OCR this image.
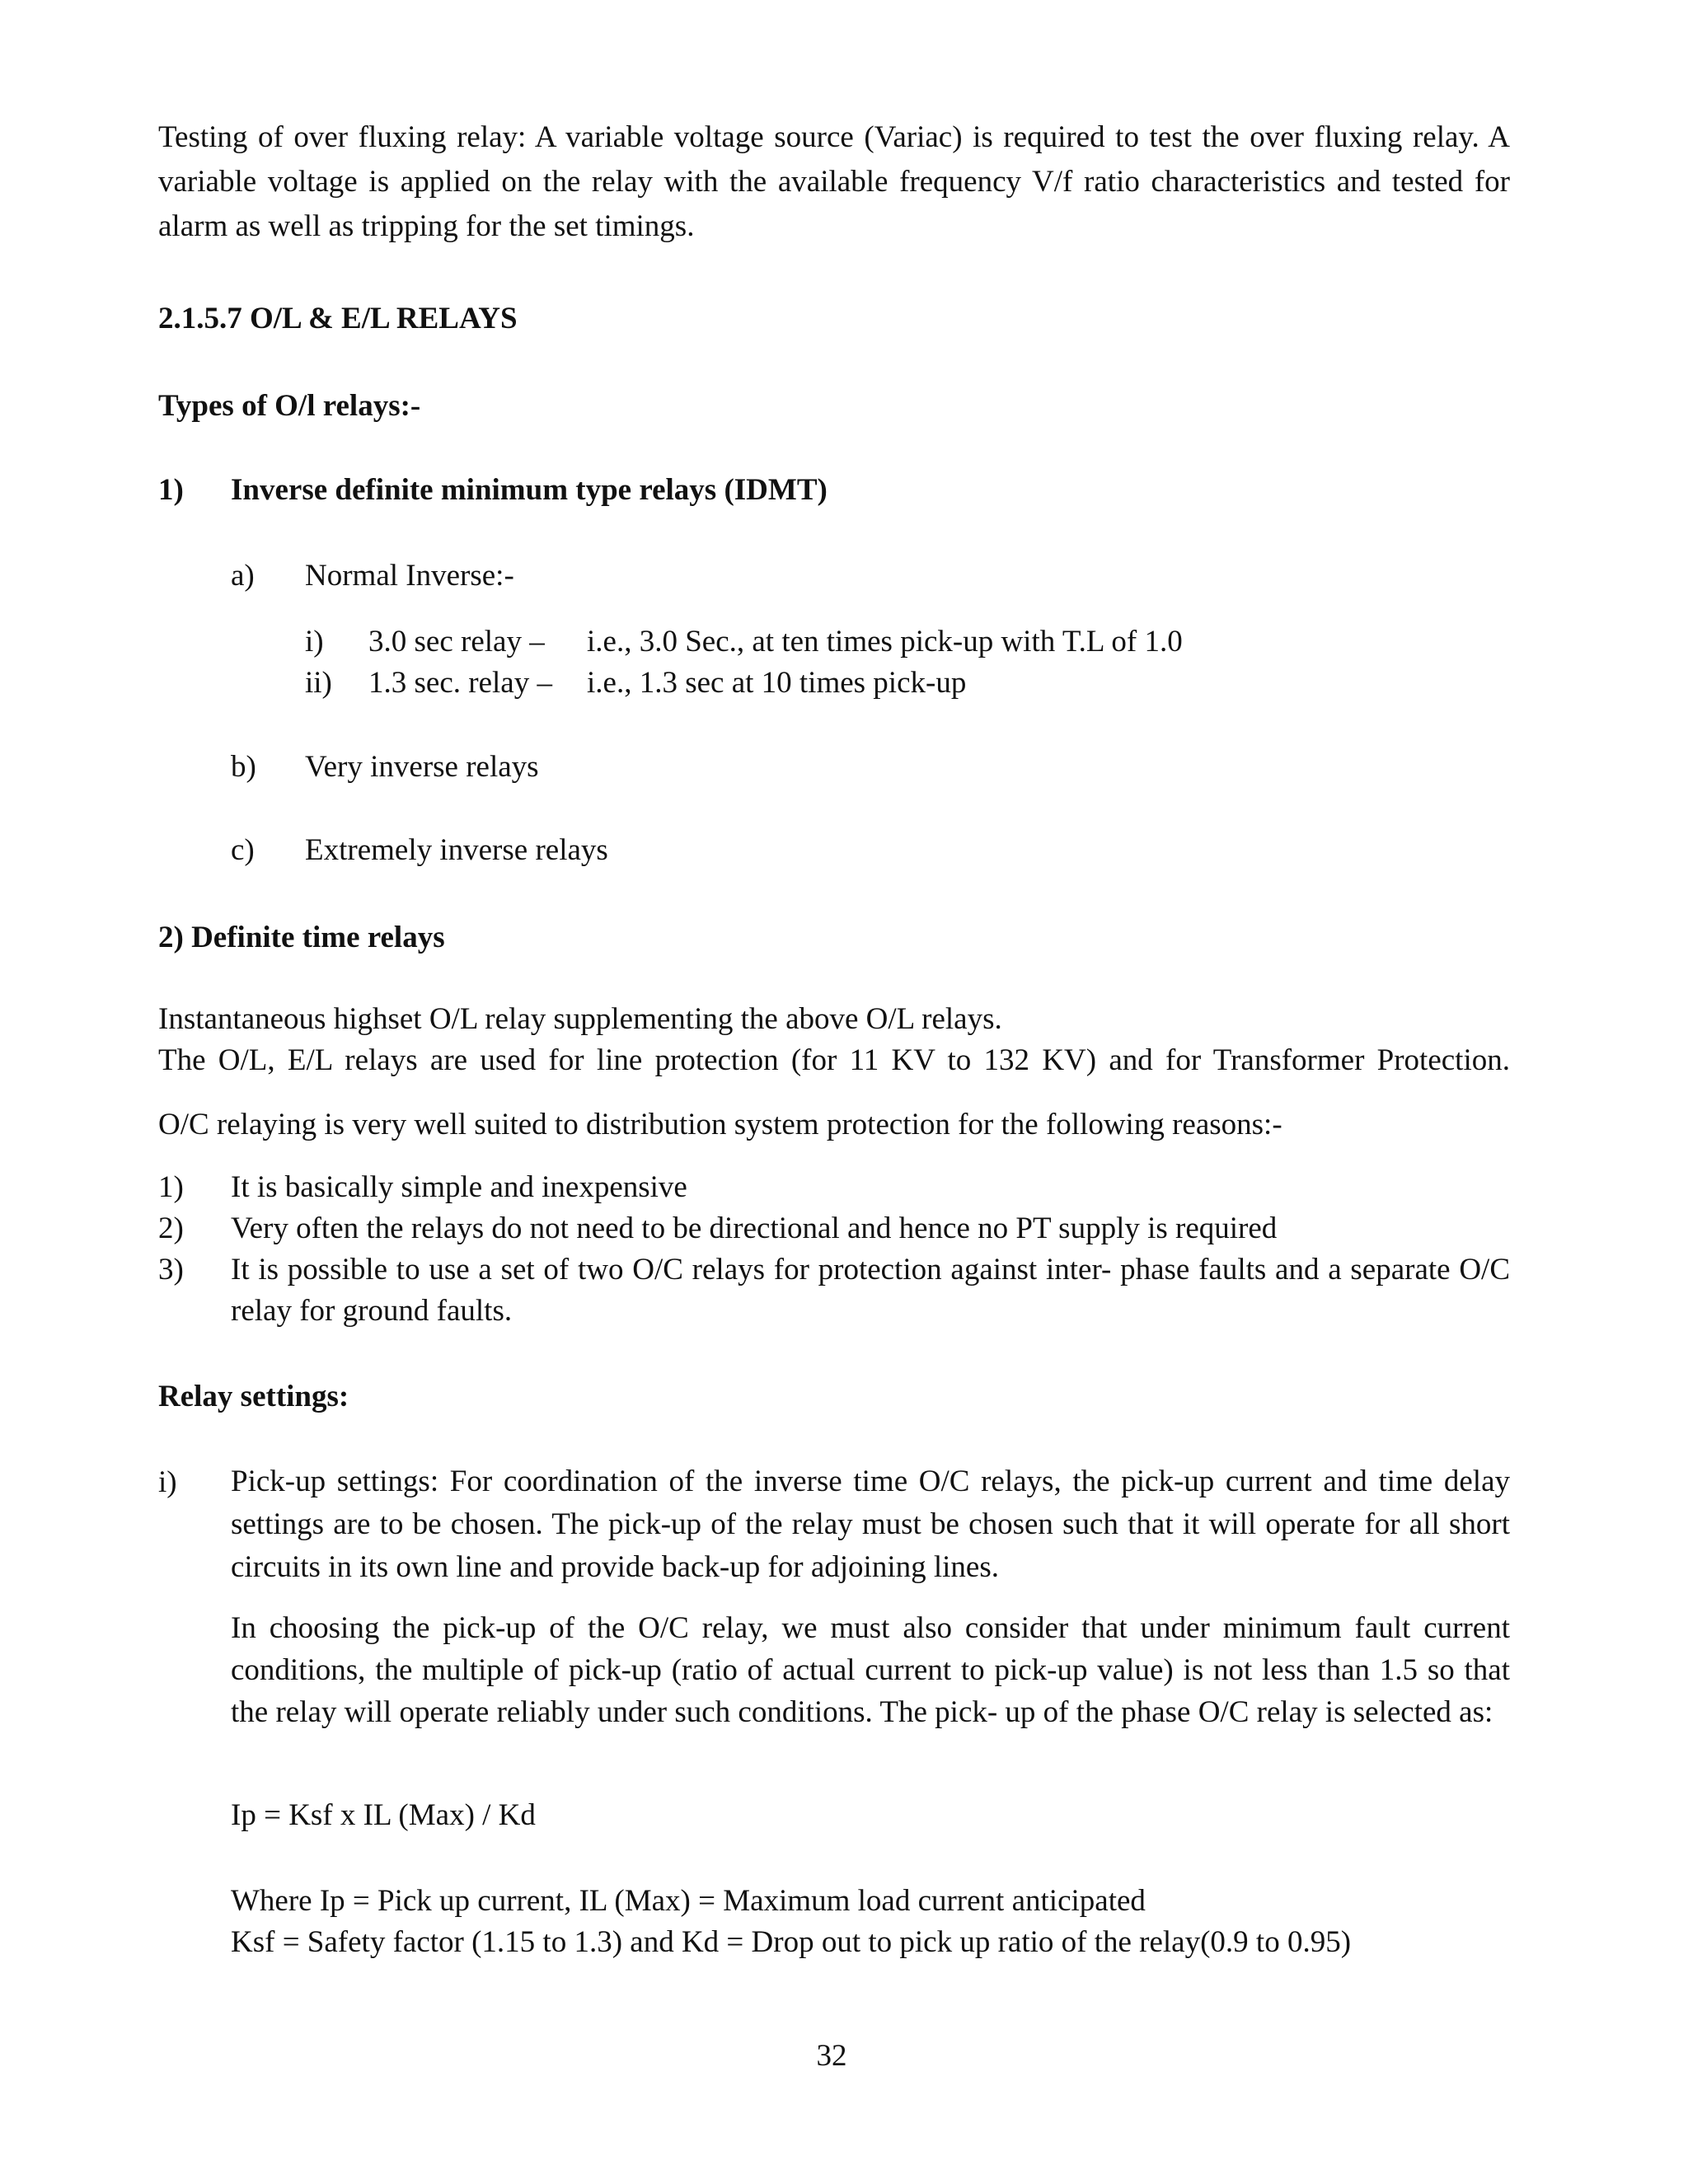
Testing of over fluxing relay: A variable voltage source (Variac) is required to test the over fluxing relay. A variable voltage is applied on the relay with the available frequency V/f ratio characteristics and tested for alarm as well as tripping for the set timings.

2.1.5.7 O/L & E/L RELAYS
Types of O/l relays:-
1) Inverse definite minimum type relays (IDMT)
a) Normal Inverse:-
i) 3.0 sec relay – i.e., 3.0 Sec., at ten times pick-up with T.L of 1.0
ii) 1.3 sec. relay – i.e., 1.3 sec at 10 times pick-up
b) Very inverse relays
c) Extremely inverse relays
2) Definite time relays
Instantaneous highset O/L relay supplementing the above O/L relays.
The O/L, E/L relays are used for line protection (for 11 KV to 132 KV) and for Transformer Protection.
O/C relaying is very well suited to distribution system protection for the following reasons:-
1) It is basically simple and inexpensive
2) Very often the relays do not need to be directional and hence no PT supply is required
3) It is possible to use a set of two O/C relays for protection against inter- phase faults and a separate O/C relay for ground faults.

Relay settings:
i) Pick-up settings: For coordination of the inverse time O/C relays, the pick-up current and time delay settings are to be chosen. The pick-up of the relay must be chosen such that it will operate for all short circuits in its own line and provide back-up for adjoining lines.

In choosing the pick-up of the O/C relay, we must also consider that under minimum fault current conditions, the multiple of pick-up (ratio of actual current to pick-up value) is not less than 1.5 so that the relay will operate reliably under such conditions. The pick- up of the phase O/C relay is selected as:

Ip = Ksf x IL (Max) / Kd
Where Ip = Pick up current, IL (Max) = Maximum load current anticipated
Ksf = Safety factor (1.15 to 1.3) and Kd = Drop out to pick up ratio of the relay(0.9 to 0.95)
32
